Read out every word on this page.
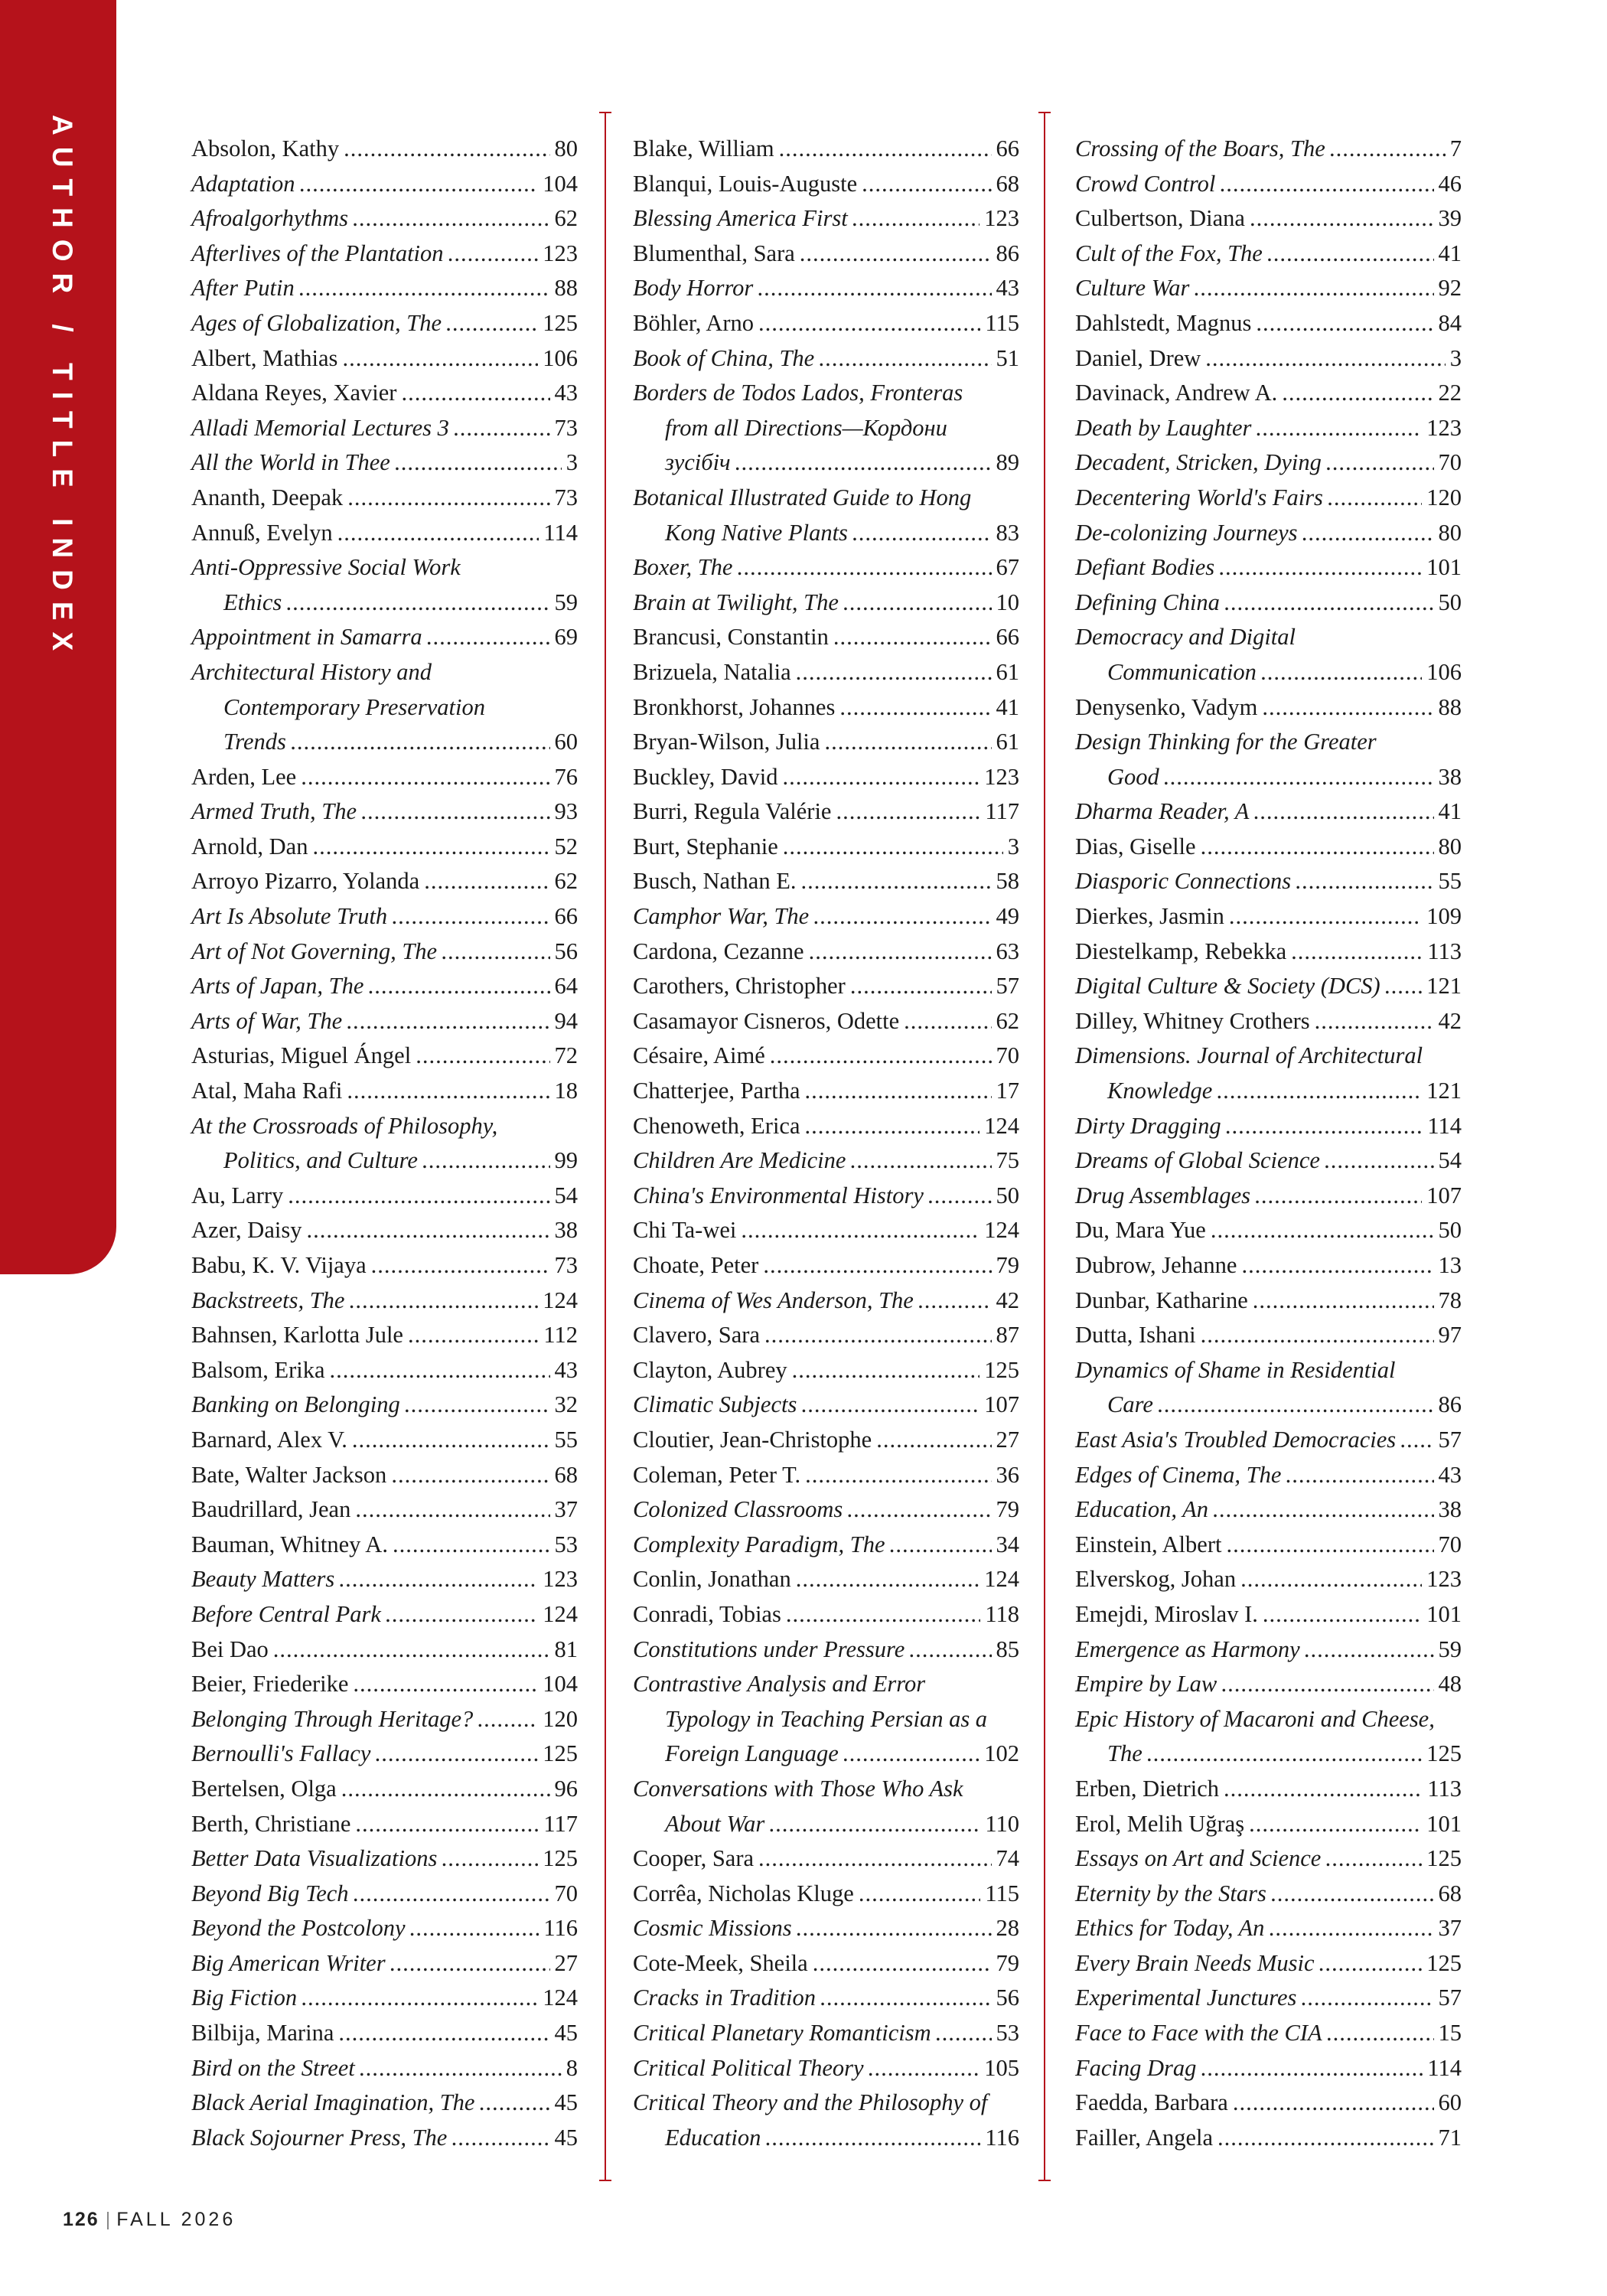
AUTHOR / TITLE INDEX	Absolon, Kathy .....	80
Adaptation .....	104
Afroalgorhythms .....	62
Afterlives of the Plantation .....	123
After Putin .....	88
Ages of Globalization, The .....	125
Albert, Mathias .....	106
Aldana Reyes, Xavier .....	43
Alladi Memorial Lectures 3 .....	73
All the World in Thee .....	3
Ananth, Deepak .....	73
Annuß, Evelyn .....	114
Anti-Oppressive Social Work
Ethics .....	59
Appointment in Samarra .....	69
Architectural History and
Contemporary Preservation
Trends .....	60
Arden, Lee .....	76
Armed Truth, The .....	93
Arnold, Dan .....	52
Arroyo Pizarro, Yolanda .....	62
Art Is Absolute Truth .....	66
Art of Not Governing, The .....	56
Arts of Japan, The .....	64
Arts of War, The .....	94
Asturias, Miguel Ángel .....	72
Atal, Maha Rafi .....	18
At the Crossroads of Philosophy,
Politics, and Culture .....	99
Au, Larry .....	54
Azer, Daisy .....	38
Babu, K. V. Vijaya .....	73
Backstreets, The .....	124
Bahnsen, Karlotta Jule .....	112
Balsom, Erika .....	43
Banking on Belonging .....	32
Barnard, Alex V. .....	55
Bate, Walter Jackson .....	68
Baudrillard, Jean .....	37
Bauman, Whitney A. .....	53
Beauty Matters .....	123
Before Central Park .....	124
Bei Dao .....	81
Beier, Friederike .....	104
Belonging Through Heritage? .....	120
Bernoulli's Fallacy .....	125
Bertelsen, Olga .....	96
Berth, Christiane .....	117
Better Data Visualizations .....	125
Beyond Big Tech .....	70
Beyond the Postcolony .....	116
Big American Writer .....	27
Big Fiction .....	124
Bilbija, Marina .....	45
Bird on the Street .....	8
Black Aerial Imagination, The .....	45
Black Sojourner Press, The .....	45
Blake, William .....	66
Blanqui, Louis-Auguste .....	68
Blessing America First .....	123
Blumenthal, Sara .....	86
Body Horror .....	43
Böhler, Arno .....	115
Book of China, The .....	51
Borders de Todos Lados, Fronteras
from all Directions—Кордони
зусібіч .....	89
Botanical Illustrated Guide to Hong
Kong Native Plants .....	83
Boxer, The .....	67
Brain at Twilight, The .....	10
Brancusi, Constantin .....	66
Brizuela, Natalia .....	61
Bronkhorst, Johannes .....	41
Bryan-Wilson, Julia .....	61
Buckley, David .....	123
Burri, Regula Valérie .....	117
Burt, Stephanie .....	3
Busch, Nathan E. .....	58
Camphor War, The .....	49
Cardona, Cezanne .....	63
Carothers, Christopher .....	57
Casamayor Cisneros, Odette .....	62
Césaire, Aimé .....	70
Chatterjee, Partha .....	17
Chenoweth, Erica .....	124
Children Are Medicine .....	75
China's Environmental History .....	50
Chi Ta-wei .....	124
Choate, Peter .....	79
Cinema of Wes Anderson, The .....	42
Clavero, Sara .....	87
Clayton, Aubrey .....	125
Climatic Subjects .....	107
Cloutier, Jean-Christophe .....	27
Coleman, Peter T. .....	36
Colonized Classrooms .....	79
Complexity Paradigm, The .....	34
Conlin, Jonathan .....	124
Conradi, Tobias .....	118
Constitutions under Pressure .....	85
Contrastive Analysis and Error
Typology in Teaching Persian as a
Foreign Language .....	102
Conversations with Those Who Ask
About War .....	110
Cooper, Sara .....	74
Corrêa, Nicholas Kluge .....	115
Cosmic Missions .....	28
Cote-Meek, Sheila .....	79
Cracks in Tradition .....	56
Critical Planetary Romanticism .....	53
Critical Political Theory .....	105
Critical Theory and the Philosophy of
Education .....	116
Crossing of the Boars, The .....	7
Crowd Control .....	46
Culbertson, Diana .....	39
Cult of the Fox, The .....	41
Culture War .....	92
Dahlstedt, Magnus .....	84
Daniel, Drew .....	3
Davinack, Andrew A. .....	22
Death by Laughter .....	123
Decadent, Stricken, Dying .....	70
Decentering World's Fairs .....	120
De-colonizing Journeys .....	80
Defiant Bodies .....	101
Defining China .....	50
Democracy and Digital
Communication .....	106
Denysenko, Vadym .....	88
Design Thinking for the Greater
Good .....	38
Dharma Reader, A .....	41
Dias, Giselle .....	80
Diasporic Connections .....	55
Dierkes, Jasmin .....	109
Diestelkamp, Rebekka .....	113
Digital Culture & Society (DCS) ..... 121
Dilley, Whitney Crothers .....	42
Dimensions. Journal of Architectural
Knowledge .....	121
Dirty Dragging .....	114
Dreams of Global Science .....	54
Drug Assemblages .....	107
Du, Mara Yue .....	50
Dubrow, Jehanne .....	13
Dunbar, Katharine .....	78
Dutta, Ishani .....	97
Dynamics of Shame in Residential
Care .....	86
East Asia's Troubled Democracies ..... 57
Edges of Cinema, The .....	43
Education, An .....	38
Einstein, Albert .....	70
Elverskog, Johan .....	123
Emejdi, Miroslav I. .....	101
Emergence as Harmony .....	59
Empire by Law .....	48
Epic History of Macaroni and Cheese,
The .....	125
Erben, Dietrich .....	113
Erol, Melih Uğraş .....	101
Essays on Art and Science .....	125
Eternity by the Stars .....	68
Ethics for Today, An .....	37
Every Brain Needs Music .....	125
Experimental Junctures .....	57
Face to Face with the CIA .....	15
Facing Drag .....	114
Faedda, Barbara .....	60
Failler, Angela .....	71
126 | FALL 2026
